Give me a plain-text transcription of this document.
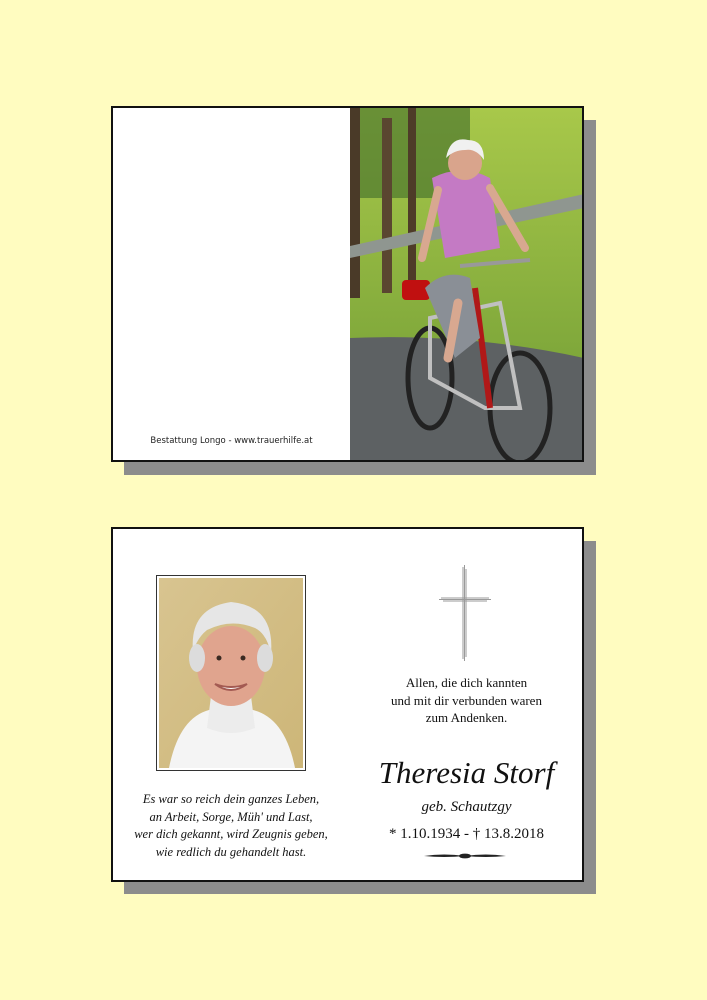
Bestattung Longo - www.trauerhilfe.at
Es war so reich dein ganzes Leben,
an Arbeit, Sorge, Müh' und Last,
wer dich gekannt, wird Zeugnis geben,
wie redlich du gehandelt hast.
Allen, die dich kannten
und mit dir verbunden waren
zum Andenken.
Theresia Storf
geb. Schautzgy
* 1.10.1934 - † 13.8.2018
